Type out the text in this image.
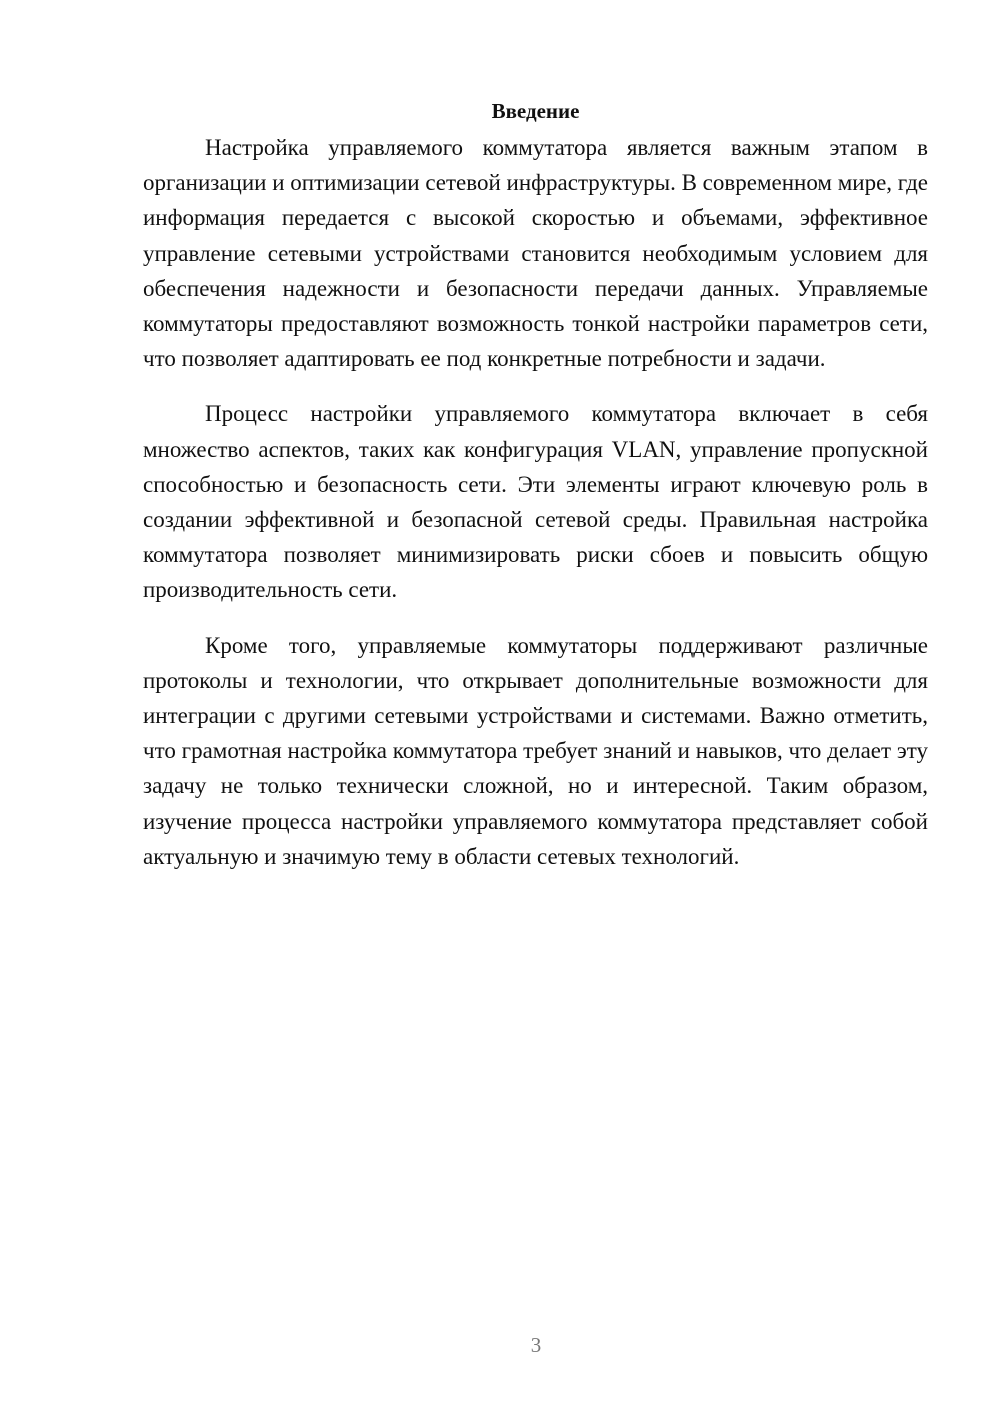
Введение

Настройка управляемого коммутатора является важным этапом в организации и оптимизации сетевой инфраструктуры. В современном мире, где информация передается с высокой скоростью и объемами, эффективное управление сетевыми устройствами становится необходимым условием для обеспечения надежности и безопасности передачи данных. Управляемые коммутаторы предоставляют возможность тонкой настройки параметров сети, что позволяет адаптировать ее под конкретные потребности и задачи.

Процесс настройки управляемого коммутатора включает в себя множество аспектов, таких как конфигурация VLAN, управление пропускной способностью и безопасность сети. Эти элементы играют ключевую роль в создании эффективной и безопасной сетевой среды. Правильная настройка коммутатора позволяет минимизировать риски сбоев и повысить общую производительность сети.

Кроме того, управляемые коммутаторы поддерживают различные протоколы и технологии, что открывает дополнительные возможности для интеграции с другими сетевыми устройствами и системами. Важно отметить, что грамотная настройка коммутатора требует знаний и навыков, что делает эту задачу не только технически сложной, но и интересной. Таким образом, изучение процесса настройки управляемого коммутатора представляет собой актуальную и значимую тему в области сетевых технологий.

3
